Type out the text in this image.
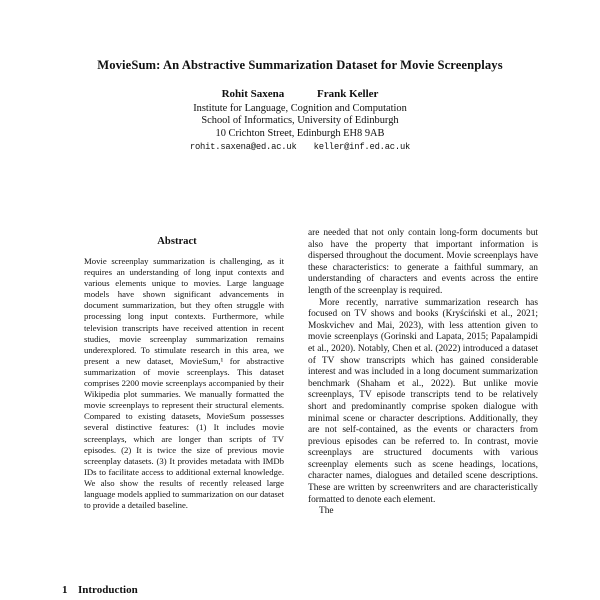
MovieSum: An Abstractive Summarization Dataset for Movie Screenplays
Rohit Saxena	Frank Keller
Institute for Language, Cognition and Computation
School of Informatics, University of Edinburgh
10 Crichton Street, Edinburgh EH8 9AB
rohit.saxena@ed.ac.uk keller@inf.ed.ac.uk
Abstract

Movie screenplay summarization is challenging, as it requires an understanding of long input contexts and various elements unique to movies. Large language models have shown significant advancements in document summarization, but they often struggle with processing long input contexts. Furthermore, while television transcripts have received attention in recent studies, movie screenplay summarization remains underexplored. To stimulate research in this area, we present a new dataset, MovieSum,¹ for abstractive summarization of movie screenplays. This dataset comprises 2200 movie screenplays accompanied by their Wikipedia plot summaries. We manually formatted the movie screenplays to represent their structural elements. Compared to existing datasets, MovieSum possesses several distinctive features: (1) It includes movie screenplays, which are longer than scripts of TV episodes. (2) It is twice the size of previous movie screenplay datasets. (3) It provides metadata with IMDb IDs to facilitate access to additional external knowledge. We also show the results of recently released large language models applied to summarization on our dataset to provide a detailed baseline.

1 Introduction

are needed that not only contain long-form documents but also have the property that important information is dispersed throughout the document. Movie screenplays have these characteristics: to generate a faithful summary, an understanding of characters and events across the entire length of the screenplay is required.

More recently, narrative summarization research has focused on TV shows and books (Kryściński et al., 2021; Moskvichev and Mai, 2023), with less attention given to movie screenplays (Gorinski and Lapata, 2015; Papalampidi et al., 2020). Notably, Chen et al. (2022) introduced a dataset of TV show transcripts which has gained considerable interest and was included in a long document summarization benchmark (Shaham et al., 2022). But unlike movie screenplays, TV episode transcripts tend to be relatively short and predominantly comprise spoken dialogue with minimal scene or character descriptions. Additionally, they are not self-contained, as the events or characters from previous episodes can be referred to. In contrast, movie screenplays are structured documents with various screenplay elements such as scene headings, locations, character names, dialogues and detailed scene descriptions. These are written by screenwriters and are characteristically formatted to denote each element.

The
